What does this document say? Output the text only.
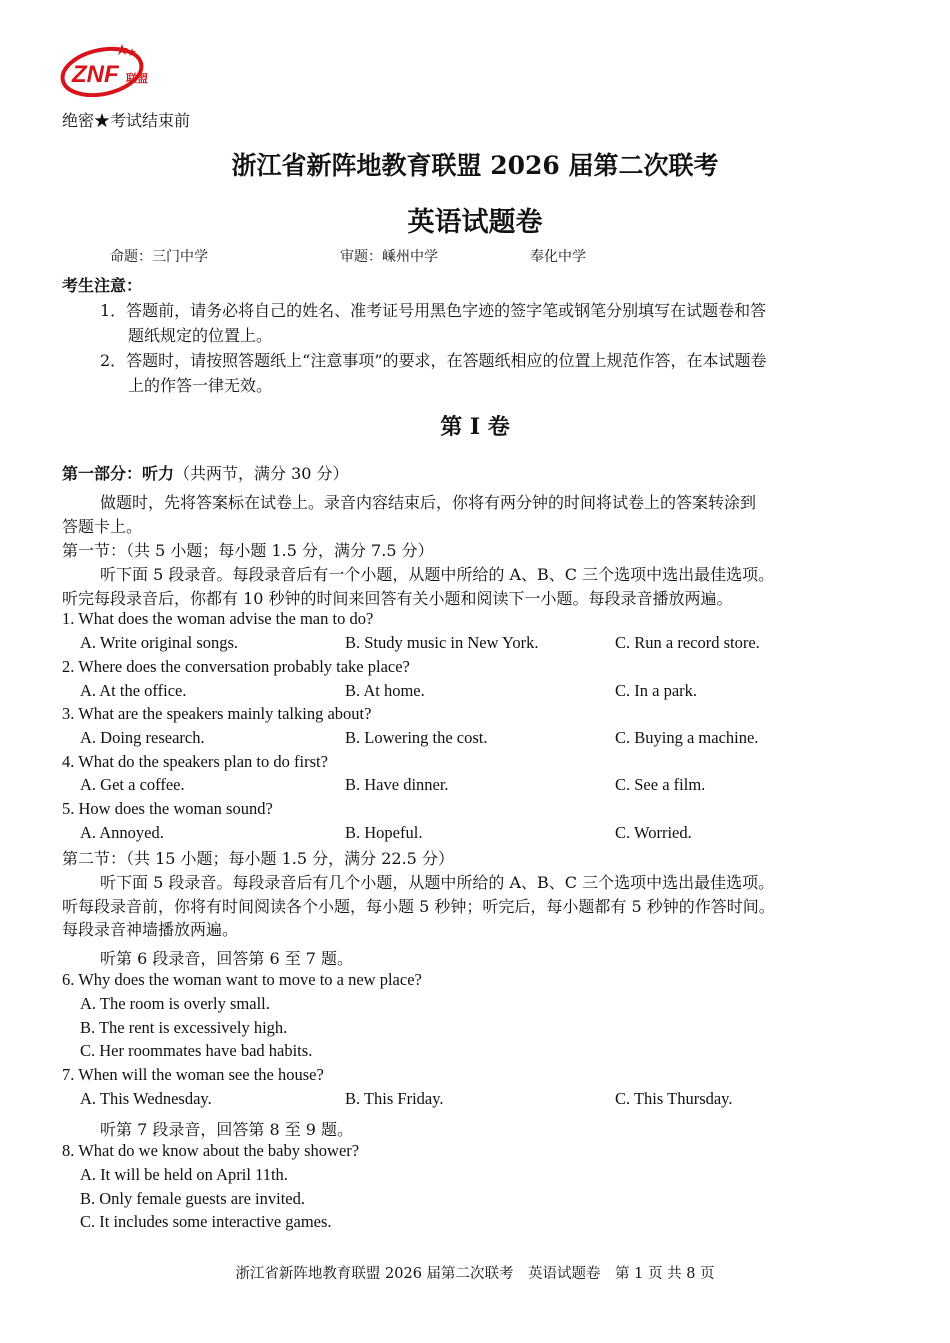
ZNF 联盟
绝密★考试结束前
浙江省新阵地教育联盟 2026 届第二次联考
英语试题卷
命题：三门中学	审题：嵊州中学	奉化中学
考生注意：
1．答题前，请务必将自己的姓名、准考证号用黑色字迹的签字笔或钢笔分别填写在试题卷和答
题纸规定的位置上。
2．答题时，请按照答题纸上“注意事项”的要求，在答题纸相应的位置上规范作答，在本试题卷
上的作答一律无效。
第 I 卷
第一部分：听力（共两节，满分 30 分）
做题时，先将答案标在试卷上。录音内容结束后，你将有两分钟的时间将试卷上的答案转涂到
答题卡上。
第一节：（共 5 小题；每小题 1.5 分，满分 7.5 分）
听下面 5 段录音。每段录音后有一个小题，从题中所给的 A、B、C 三个选项中选出最佳选项。
听完每段录音后，你都有 10 秒钟的时间来回答有关小题和阅读下一小题。每段录音播放两遍。
1. What does the woman advise the man to do?
A. Write original songs.	B. Study music in New York.	C. Run a record store.
2. Where does the conversation probably take place?
A. At the office.	B. At home.	C. In a park.
3. What are the speakers mainly talking about?
A. Doing research.	B. Lowering the cost.	C. Buying a machine.
4. What do the speakers plan to do first?
A. Get a coffee.	B. Have dinner.	C. See a film.
5. How does the woman sound?
A. Annoyed.	B. Hopeful.	C. Worried.
第二节：（共 15 小题；每小题 1.5 分，满分 22.5 分）
听下面 5 段录音。每段录音后有几个小题，从题中所给的 A、B、C 三个选项中选出最佳选项。
听每段录音前，你将有时间阅读各个小题，每小题 5 秒钟；听完后，每小题都有 5 秒钟的作答时间。
每段录音神墙播放两遍。
听第 6 段录音，回答第 6 至 7 题。
6. Why does the woman want to move to a new place?
A. The room is overly small.
B. The rent is excessively high.
C. Her roommates have bad habits.
7. When will the woman see the house?
A. This Wednesday.	B. This Friday.	C. This Thursday.
听第 7 段录音，回答第 8 至 9 题。
8. What do we know about the baby shower?
A. It will be held on April 11th.
B. Only female guests are invited.
C. It includes some interactive games.
浙江省新阵地教育联盟 2026 届第二次联考　英语试题卷　第 1 页 共 8 页
